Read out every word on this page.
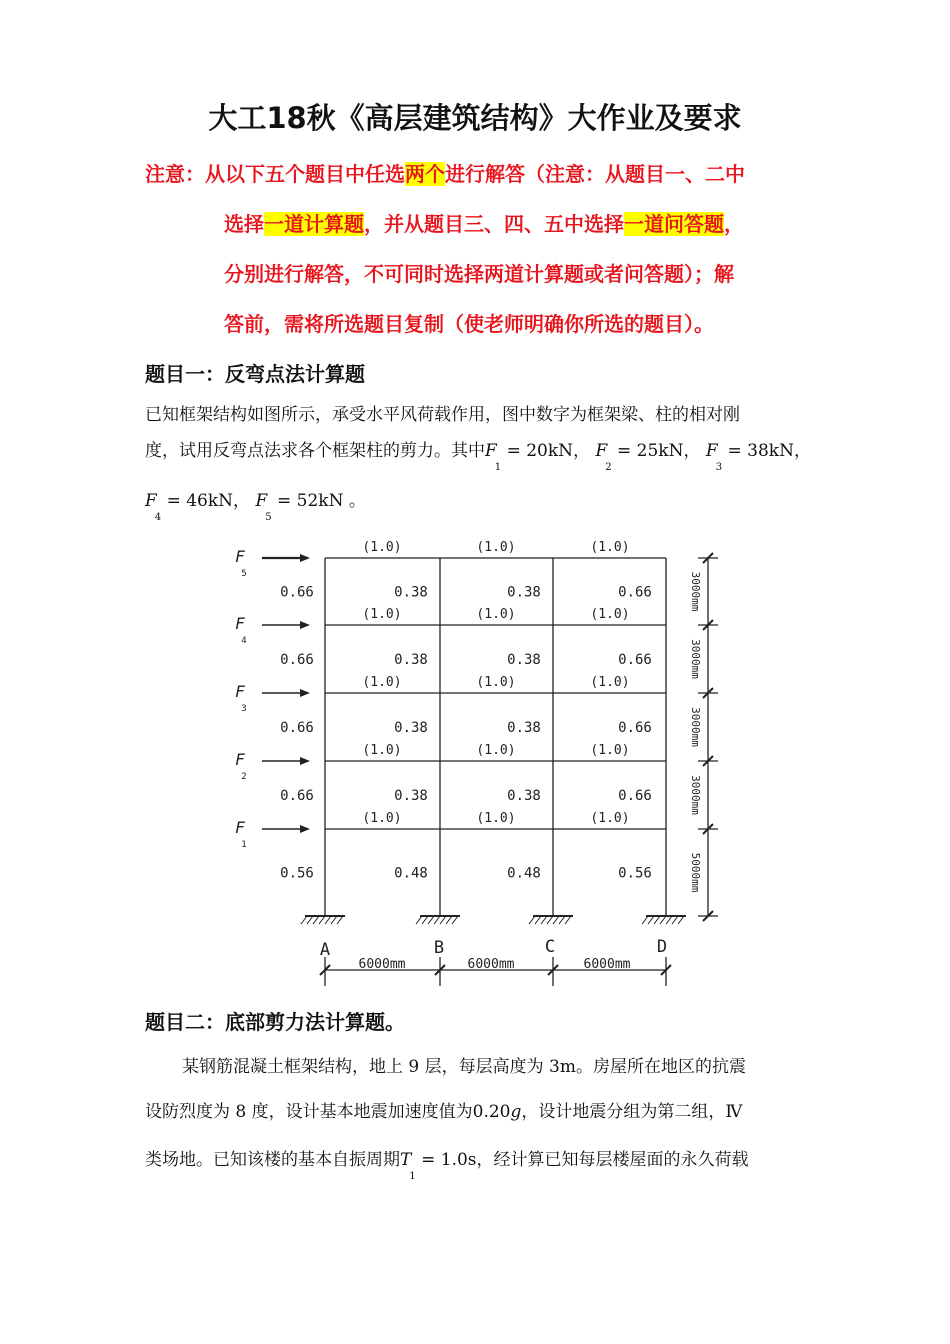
大工18秋《高层建筑结构》大作业及要求
注意：从以下五个题目中任选两个进行解答（注意：从题目一、二中
选择一道计算题，并从题目三、四、五中选择一道问答题，
分别进行解答，不可同时选择两道计算题或者问答题）；解
答前，需将所选题目复制（使老师明确你所选的题目）。
题目一：反弯点法计算题
已知框架结构如图所示，承受水平风荷载作用，图中数字为框架梁、柱的相对刚
度，试用反弯点法求各个框架柱的剪力。其中$F_1 = 20kN$， $F_2 = 25kN$， $F_3 = 38kN$，
$F_4 = 46kN$， $F_5 = 52kN$ 。
(1.0)	(1.0)	(1.0)
(1.0)	(1.0)	(1.0)
(1.0)	(1.0)	(1.0)
(1.0)	(1.0)	(1.0)
(1.0)	(1.0)	(1.0)
0.66	0.38	0.38	0.66
0.66	0.38	0.38	0.66
0.66	0.38	0.38	0.66
0.66	0.38	0.38	0.66
0.56	0.48	0.48	0.56
F
5
F
4
F
3
F
2
F
1
3000mm
3000mm
3000mm
3000mm
5000mm
A	B	C	D
6000mm	6000mm	6000mm
题目二：底部剪力法计算题。
某钢筋混凝土框架结构，地上 9 层，每层高度为 3m。房屋所在地区的抗震
设防烈度为 8 度，设计基本地震加速度值为0.20g，设计地震分组为第二组，Ⅳ
类场地。已知该楼的基本自振周期$T_1 = 1.0s$，经计算已知每层楼屋面的永久荷载
